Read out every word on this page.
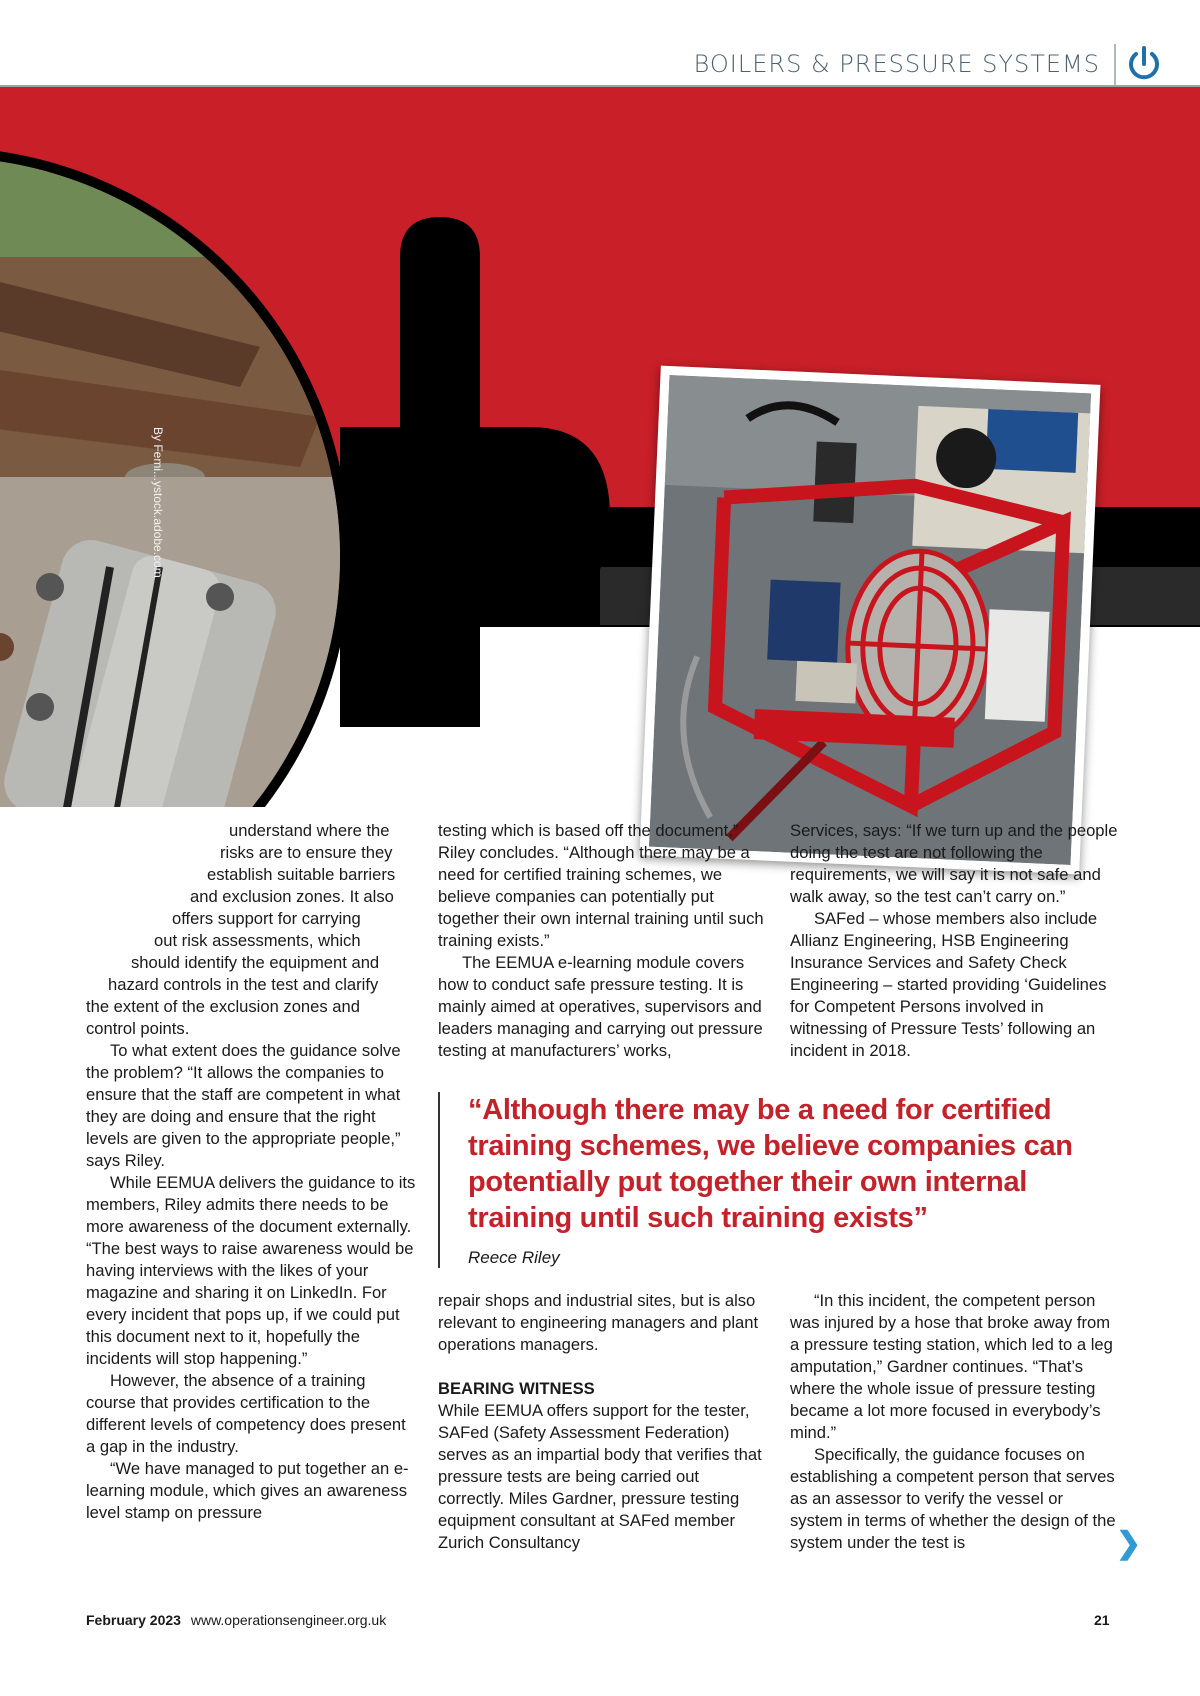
BOILERS & PRESSURE SYSTEMS
By Femi...ystock.adobe.com
understand where the
risks are to ensure they
establish suitable barriers
and exclusion zones. It also
offers support for carrying
out risk assessments, which
should identify the equipment and
hazard controls in the test and clarify
the extent of the exclusion zones and
control points.

To what extent does the guidance solve the problem? “It allows the companies to ensure that the staff are competent in what they are doing and ensure that the right levels are given to the appropriate people,” says Riley.

While EEMUA delivers the guidance to its members, Riley admits there needs to be more awareness of the document externally. “The best ways to raise awareness would be having interviews with the likes of your magazine and sharing it on LinkedIn. For every incident that pops up, if we could put this document next to it, hopefully the incidents will stop happening.”

However, the absence of a training course that provides certification to the different levels of competency does present a gap in the industry.

“We have managed to put together an e-learning module, which gives an awareness level stamp on pressure

testing which is based off the document,” Riley concludes. “Although there may be a need for certified training schemes, we believe companies can potentially put together their own internal training until such training exists.”

The EEMUA e-learning module covers how to conduct safe pressure testing. It is mainly aimed at operatives, supervisors and leaders managing and carrying out pressure testing at manufacturers’ works,

Services, says: “If we turn up and the people doing the test are not following the requirements, we will say it is not safe and walk away, so the test can’t carry on.”

SAFed – whose members also include Allianz Engineering, HSB Engineering Insurance Services and Safety Check Engineering – started providing ‘Guidelines for Competent Persons involved in witnessing of Pressure Tests’ following an incident in 2018.

“Although there may be a need for certified training schemes, we believe companies can potentially put together their own internal training until such training exists”

Reece Riley

repair shops and industrial sites, but is also relevant to engineering managers and plant operations managers.

BEARING WITNESS

While EEMUA offers support for the tester, SAFed (Safety Assessment Federation) serves as an impartial body that verifies that pressure tests are being carried out correctly. Miles Gardner, pressure testing equipment consultant at SAFed member Zurich Consultancy

“In this incident, the competent person was injured by a hose that broke away from a pressure testing station, which led to a leg amputation,” Gardner continues. “That’s where the whole issue of pressure testing became a lot more focused in everybody’s mind.”

Specifically, the guidance focuses on establishing a competent person that serves as an assessor to verify the vessel or system in terms of whether the design of the system under the test is	❯
February 2023 www.operationsengineer.org.uk	21
